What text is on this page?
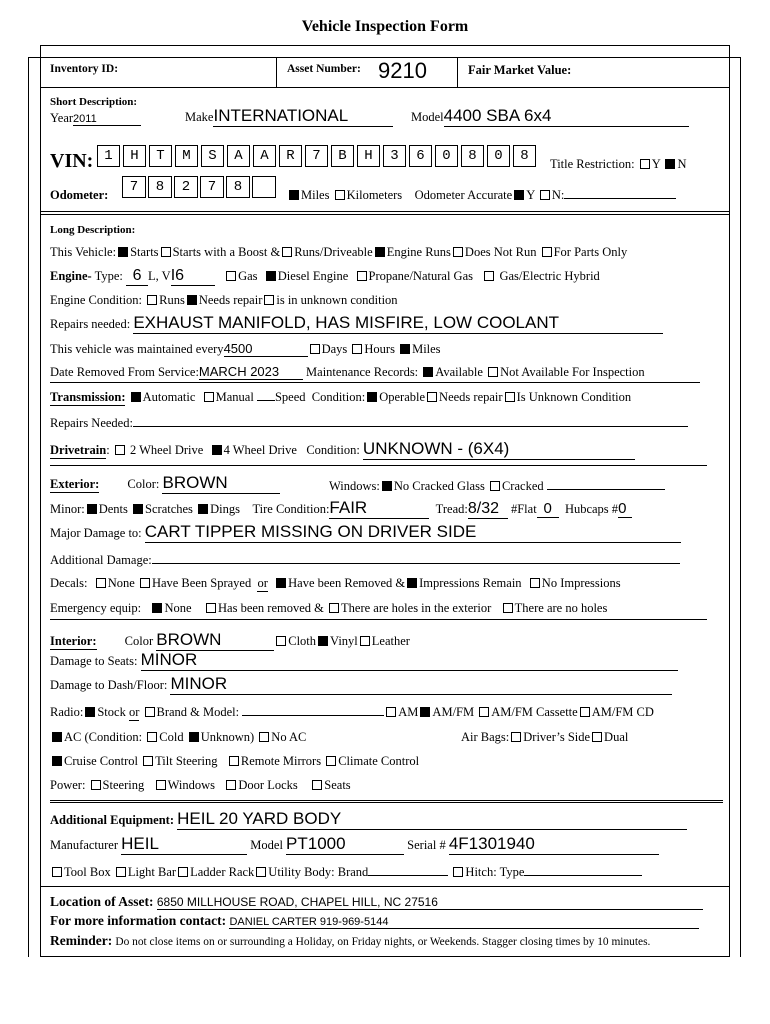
Vehicle Inspection Form
Inventory ID:	Asset Number: 9210	Fair Market Value:
Short Description:
Year2011	MakeINTERNATIONAL	Model4400 SBA 6x4
VIN: 1	H	T	M	S	A	A	R	7	B	H	3	6	0	8	0	8	Title Restriction: Y N
Odometer:	7	8	2	7	8	Miles Kilometers Odometer Accurate Y N:
Long Description:
This Vehicle: Starts Starts with a Boost & Runs/Driveable Engine Runs Does Not Run For Parts Only
Engine- Type: 6 L, VI6	Gas Diesel Engine Propane/Natural Gas Gas/Electric Hybrid
Engine Condition: Runs Needs repair is in unknown condition
Repairs needed: EXHAUST MANIFOLD, HAS MISFIRE, LOW COOLANT
This vehicle was maintained every4500	Days Hours Miles
Date Removed From Service:MARCH 2023 Maintenance Records: Available Not Available For Inspection
Transmission: Automatic Manual Speed Condition: Operable Needs repair Is Unknown Condition
Repairs Needed:
Drivetrain:  2 Wheel Drive 4 Wheel Drive Condition: UNKNOWN - (6X4)
Exterior: Color: BROWN	Windows: No Cracked Glass Cracked
Minor: Dents Scratches Dings Tire Condition:FAIR	Tread:8/32 #Flat 0 Hubcaps #0
Major Damage to: CART TIPPER MISSING ON DRIVER SIDE
Additional Damage:
Decals: None Have Been Sprayed or Have been Removed & Impressions Remain No Impressions
Emergency equip: None Has been removed & There are holes in the exterior There are no holes
Interior: Color BROWN	Cloth Vinyl Leather
Damage to Seats: MINOR
Damage to Dash/Floor: MINOR
Radio: Stock or Brand & Model:	AM AM/FM AM/FM Cassette AM/FM CD
AC (Condition: Cold Unknown) No AC	Air Bags: Driver’s Side Dual
Cruise Control Tilt Steering Remote Mirrors Climate Control
Power: Steering Windows Door Locks Seats
Additional Equipment: HEIL 20 YARD BODY
Manufacturer HEIL	Model PT1000	Serial # 4F1301940
Tool Box Light Bar Ladder Rack Utility Body: Brand	Hitch: Type
Location of Asset: 6850 MILLHOUSE ROAD, CHAPEL HILL, NC 27516
For more information contact: DANIEL CARTER 919-969-5144
Reminder: Do not close items on or surrounding a Holiday, on Friday nights, or Weekends. Stagger closing times by 10 minutes.
